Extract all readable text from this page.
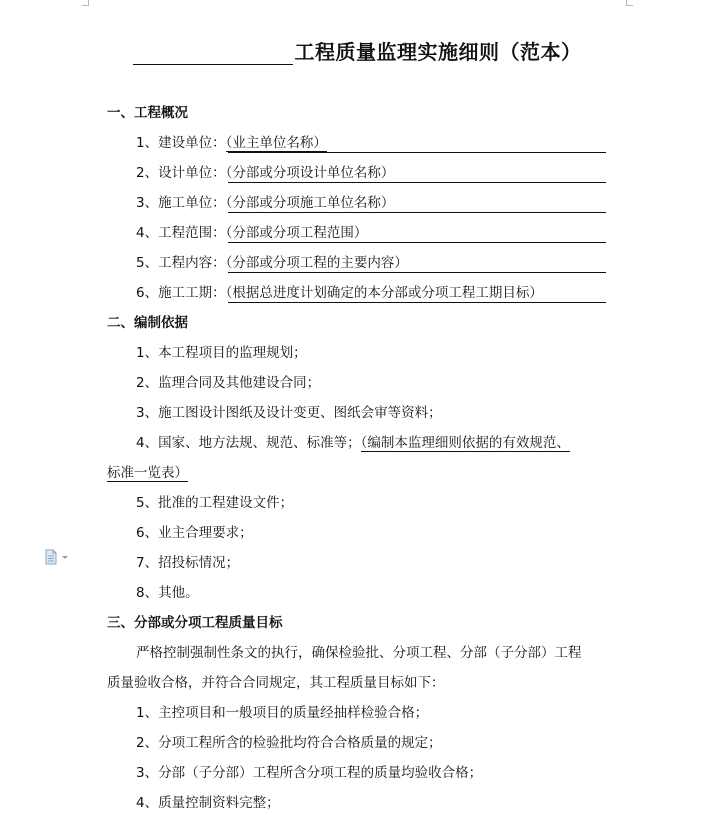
工程质量监理实施细则（范本）
一、工程概况
1、建设单位：（业主单位名称）
2、设计单位：（分部或分项设计单位名称）
3、施工单位：（分部或分项施工单位名称）
4、工程范围：（分部或分项工程范围）
5、工程内容：（分部或分项工程的主要内容）
6、施工工期：（根据总进度计划确定的本分部或分项工程工期目标）
二、编制依据
1、本工程项目的监理规划；
2、监理合同及其他建设合同；
3、施工图设计图纸及设计变更、图纸会审等资料；
4、国家、地方法规、规范、标准等；（编制本监理细则依据的有效规范、
标准一览表）
5、批准的工程建设文件；
6、业主合理要求；
7、招投标情况；
8、其他。
三、分部或分项工程质量目标
严格控制强制性条文的执行，确保检验批、分项工程、分部（子分部）工程
质量验收合格，并符合合同规定，其工程质量目标如下：
1、主控项目和一般项目的质量经抽样检验合格；
2、分项工程所含的检验批均符合合格质量的规定；
3、分部（子分部）工程所含分项工程的质量均验收合格；
4、质量控制资料完整；
